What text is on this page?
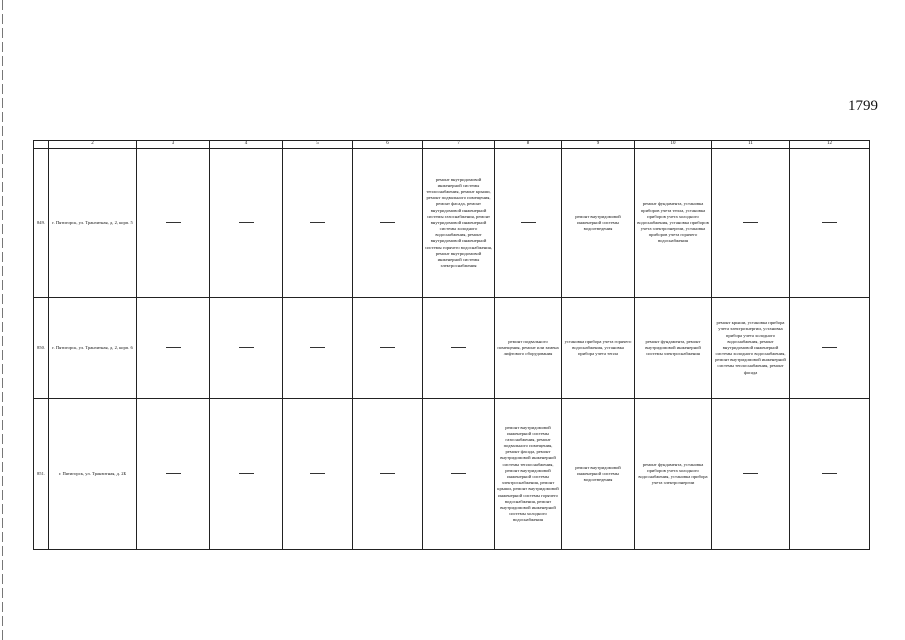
1799
	2	3	4	5	6	7	8	9	10	11	12
849.	г. Пятигорск, ул. Транзитная, д. 2, корп. 5					ремонт внутридомовой инженерной системы теплоснабжения, ремонт крыши, ремонт подвального помещения, ремонт фасада, ремонт внутридомовой инженерной системы газоснабжения, ремонт внутридомовой инженерной системы холодного водоснабжения, ремонт внутридомовой инженерной системы горячего водоснабжения, ремонт внутридомовой инженерной системы электроснабжения		ремонт внутридомовой инженерной системы водоотведения	ремонт фундамента, установка приборов учета тепла, установка приборов учета холодного водоснабжения, установка приборов учета электроэнергии, установка приборов учета горячего водоснабжения		
850.	г. Пятигорск, ул. Транзитная, д. 2, корп. 6						ремонт подвального помещения, ремонт или замена лифтового оборудования	установка прибора учета горячего водоснабжения, установка прибора учета тепла	ремонт фундамента, ремонт внутридомовой инженерной системы электроснабжения	ремонт крыши, установка прибора учета электроэнергии, установка прибора учета холодного водоснабжения, ремонт внутридомовой инженерной системы холодного водоснабжения, ремонт внутридомовой инженерной системы теплоснабжения, ремонт фасада	
851.	г. Пятигорск, ул. Транзитная, д. 2Б						ремонт внутридомовой инженерной системы газоснабжения, ремонт подвального помещения, ремонт фасада, ремонт внутридомовой инженерной системы теплоснабжения, ремонт внутридомовой инженерной системы электроснабжения, ремонт крыши, ремонт внутридомовой инженерной системы горячего водоснабжения, ремонт внутридомовой инженерной системы холодного водоснабжения	ремонт внутридомовой инженерной системы водоотведения	ремонт фундамента, установка приборов учета холодного водоснабжения, установка прибора учета электроэнергии		
